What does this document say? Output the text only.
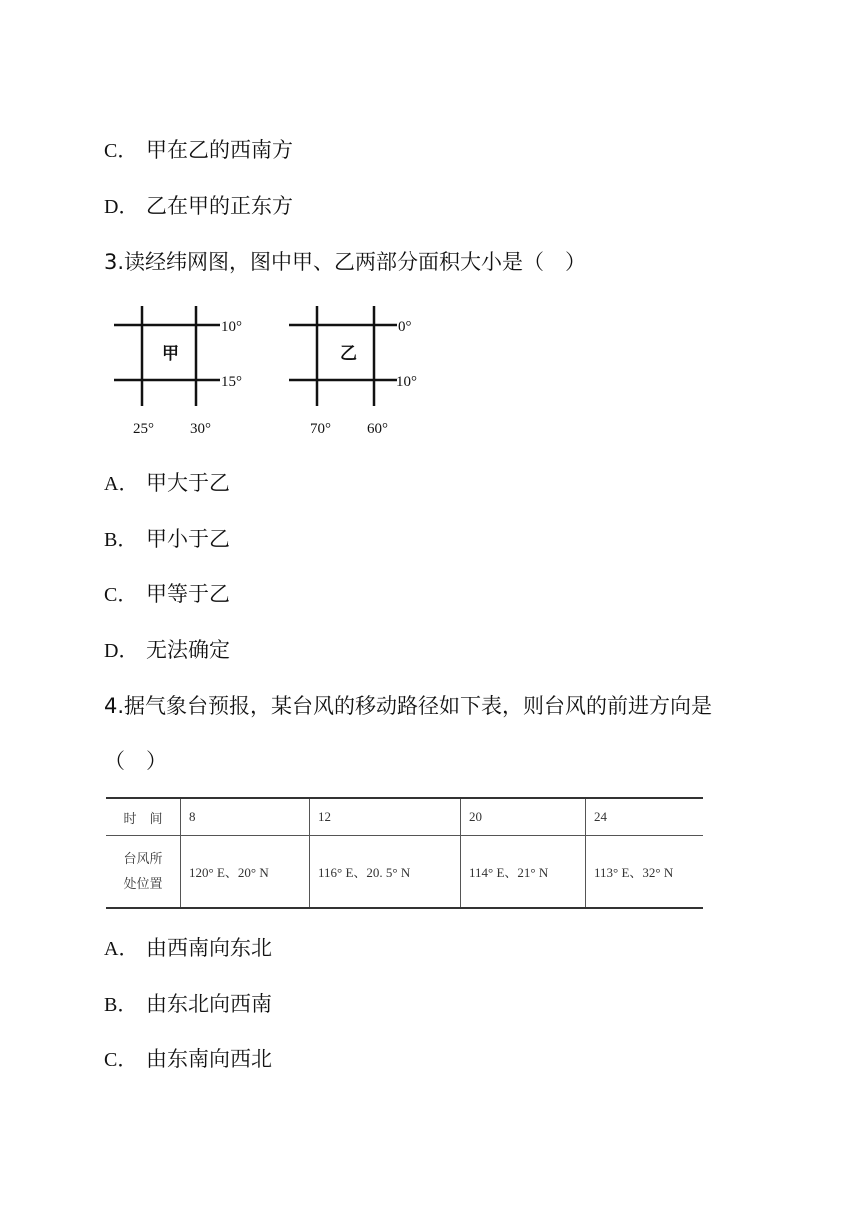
C． 甲在乙的西南方
D． 乙在甲的正东方
3.读经纬网图，图中甲、乙两部分面积大小是（　）
甲
10°
15°
25° 30°
乙
0°
10°
70° 60°
A． 甲大于乙
B． 甲小于乙
C． 甲等于乙
D． 无法确定
4.据气象台预报，某台风的移动路径如下表，则台风的前进方向是
（　）
时　间	8	12	20	24

台风所
处位置	120° E、20° N	116° E、20. 5° N	114° E、21° N	113° E、32° N
A． 由西南向东北
B． 由东北向西南
C． 由东南向西北
